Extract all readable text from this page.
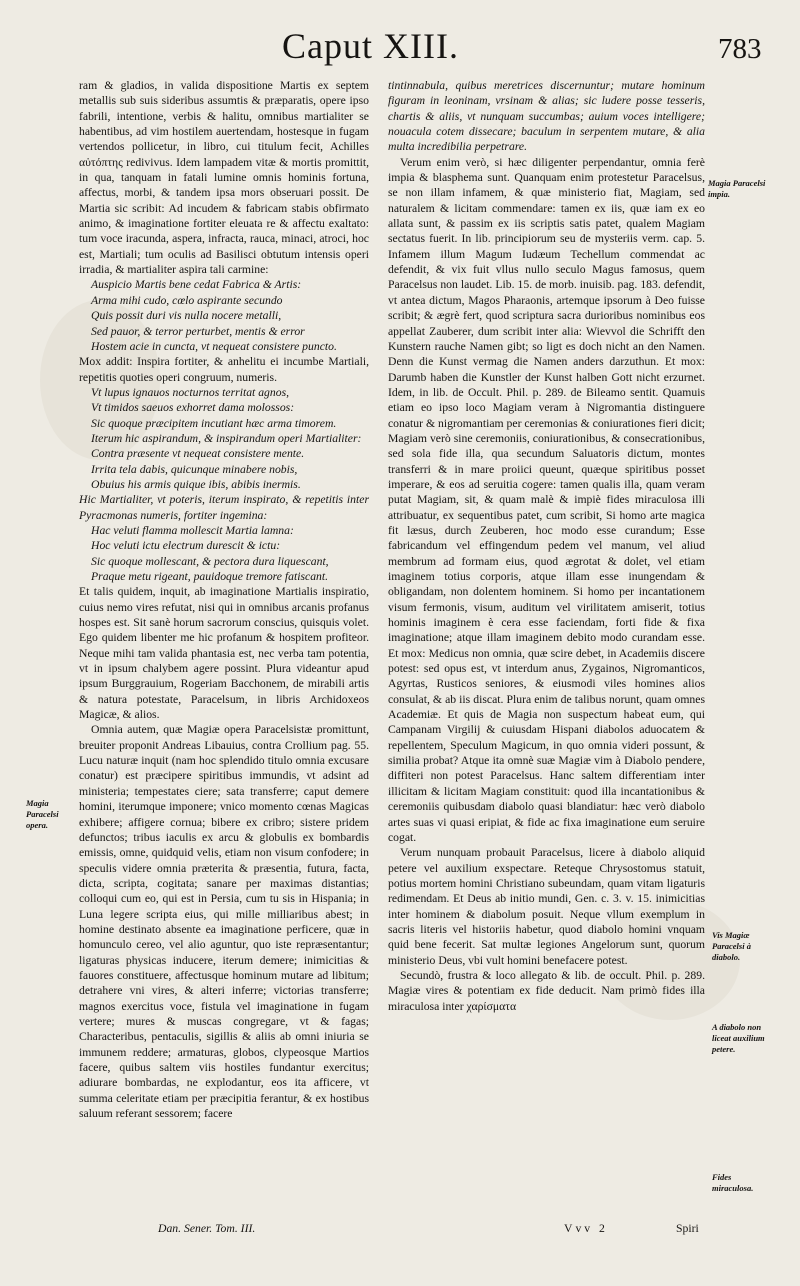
Caput XIII.	783

ram & gladios, in valida dispositione Martis ex septem metallis sub suis sideribus assumtis & præparatis, opere ipso fabrili, intentione, verbis & halitu, omnibus martialiter se habentibus, ad vim hostilem auertendam, hostesque in fugam vertendos pollicetur, in libro, cui titulum fecit, Achilles αὐτόπτης redivivus. Idem lampadem vitæ & mortis promittit, in qua, tanquam in fatali lumine omnis hominis fortuna, affectus, morbi, & tandem ipsa mors obseruari possit. De Martia sic scribit: Ad incudem & fabricam stabis obfirmato animo, & imaginatione fortiter eleuata re & affectu exaltato: tum voce iracunda, aspera, infracta, rauca, minaci, atroci, hoc est, Martiali; tum oculis ad Basilisci obtutum intensis operi irradia, & martialiter aspira tali carmine:

Auspicio Martis bene cedat Fabrica & Artis:

Arma mihi cudo, cœlo aspirante secundo

Quis possit duri vis nulla nocere metalli,

Sed pauor, & terror perturbet, mentis & error

Hostem acie in cuncta, vt nequeat consistere puncto.

Mox addit: Inspira fortiter, & anhelitu ei incumbe Martiali, repetitis quoties operi congruum, numeris.

Vt lupus ignauos nocturnos territat agnos,

Vt timidos saeuos exhorret dama molossos:

Sic quoque præcipitem incutiant hæc arma timorem.

Iterum hic aspirandum, & inspirandum operi Martialiter:

Contra præsente vt nequeat consistere mente.

Irrita tela dabis, quicunque minabere nobis,

Obuius his armis quique ibis, abibis inermis.

Hic Martialiter, vt poteris, iterum inspirato, & repetitis inter Pyracmonas numeris, fortiter ingemina:

Hac veluti flamma mollescit Martia lamna:

Hoc veluti ictu electrum durescit & ictu:

Sic quoque mollescant, & pectora dura liquescant,

Praque metu rigeant, pauidoque tremore fatiscant.

Et talis quidem, inquit, ab imaginatione Martialis inspiratio, cuius nemo vires refutat, nisi qui in omnibus arcanis profanus hospes est. Sit sanè horum sacrorum conscius, quisquis volet. Ego quidem libenter me hic profanum & hospitem profiteor. Neque mihi tam valida phantasia est, nec verba tam potentia, vt in ipsum chalybem agere possint. Plura videantur apud ipsum Burggrauium, Rogeriam Bacchonem, de mirabili artis & natura potestate, Paracelsum, in libris Archidoxeos Magicæ, & alios.

Omnia autem, quæ Magiæ opera Paracelsistæ promittunt, breuiter proponit Andreas Libauius, contra Crollium pag. 55. Lucu naturæ inquit (nam hoc splendido titulo omnia excusare conatur) est præcipere spiritibus immundis, vt adsint ad ministeria; tempestates ciere; sata transferre; caput demere homini, iterumque imponere; vnico momento cœnas Magicas exhibere; affigere cornua; bibere ex cribro; sistere pridem defunctos; tribus iaculis ex arcu & globulis ex bombardis emissis, omne, quidquid velis, etiam non visum confodere; in speculis videre omnia præterita & præsentia, futura, facta, dicta, scripta, cogitata; sanare per maximas distantias; colloqui cum eo, qui est in Persia, cum tu sis in Hispania; in Luna legere scripta eius, qui mille milliaribus abest; in homine destinato absente ea imaginatione perficere, quæ in homunculo cereo, vel alio aguntur, quo iste repræsentantur; ligaturas physicas inducere, iterum demere; inimicitias & fauores constituere, affectusque hominum mutare ad libitum; detrahere vni vires, & alteri inferre; victorias transferre; magnos exercitus voce, fistula vel imaginatione in fugam vertere; mures & muscas congregare, vt & fagas; Characteribus, pentaculis, sigillis & aliis ab omni iniuria se immunem reddere; armaturas, globos, clypeosque Martios facere, quibus saltem viis hostiles fundantur exercitus; adiurare bombardas, ne explodantur, eos ita afficere, vt summa celeritate etiam per præcipitia ferantur, & ex hostibus saluum referant sessorem; facere

Magia Paracelsi opera.

tintinnabula, quibus meretrices discernuntur; mutare hominum figuram in leoninam, vrsinam & alias; sic ludere posse tesseris, chartis & aliis, vt nunquam succumbas; auium voces intelligere; nouacula cotem dissecare; baculum in serpentem mutare, & alia multa incredibilia perpetrare.

Verum enim verò, si hæc diligenter perpendantur, omnia ferè impia & blasphema sunt. Quanquam enim protestetur Paracelsus, se non illam infamem, & quæ ministerio fiat, Magiam, sed naturalem & licitam commendare: tamen ex iis, quæ iam ex eo allata sunt, & passim ex iis scriptis satis patet, qualem Magiam sectatus fuerit. In lib. principiorum seu de mysteriis verm. cap. 5. Infamem illum Magum Iudæum Techellum commendat ac defendit, & vix fuit vllus nullo seculo Magus famosus, quem Paracelsus non laudet. Lib. 15. de morb. inuisib. pag. 183. defendit, vt antea dictum, Magos Pharaonis, artemque ipsorum à Deo fuisse scribit; & ægrè fert, quod scriptura sacra durioribus nominibus eos appellat Zauberer, dum scribit inter alia: Wievvol die Schrifft den Kunstern rauche Namen gibt; so ligt es doch nicht an den Namen. Denn die Kunst vermag die Namen anders darzuthun. Et mox: Darumb haben die Kunstler der Kunst halben Gott nicht erzurnet. Idem, in lib. de Occult. Phil. p. 289. de Bileamo sentit. Quamuis etiam eo ipso loco Magiam veram à Nigromantia distinguere conatur & nigromantiam per ceremonias & coniurationes fieri dicit; Magiam verò sine ceremoniis, coniurationibus, & consecrationibus, sed sola fide illa, qua secundum Saluatoris dictum, montes transferri & in mare proiici queunt, quæque spiritibus posset imperare, & eos ad seruitia cogere: tamen qualis illa, quam veram putat Magiam, sit, & quam malè & impiè fides miraculosa illi attribuatur, ex sequentibus patet, cum scribit, Si homo arte magica fit læsus, durch Zeuberen, hoc modo esse curandum; Esse fabricandum vel effingendum pedem vel manum, vel aliud membrum ad formam eius, quod ægrotat & dolet, vel etiam imaginem totius corporis, atque illam esse inungendam & obligandam, non dolentem hominem. Si homo per incantationem visum fermonis, visum, auditum vel virilitatem amiserit, totius hominis imaginem è cera esse faciendam, forti fide & fixa imaginatione; atque illam imaginem debito modo curandam esse. Et mox: Medicus non omnia, quæ scire debet, in Academiis discere potest: sed opus est, vt interdum anus, Zygainos, Nigromanticos, Agyrtas, Rusticos seniores, & eiusmodi viles homines alios consulat, & ab iis discat. Plura enim de talibus norunt, quam omnes Academiæ. Et quis de Magia non suspectum habeat eum, qui Campanam Virgilij & cuiusdam Hispani diabolos aduocatem & repellentem, Speculum Magicum, in quo omnia videri possunt, & similia probat? Atque ita omnè suæ Magiæ vim à Diabolo pendere, diffiteri non potest Paracelsus. Hanc saltem differentiam inter illicitam & licitam Magiam constituit: quod illa incantationibus & ceremoniis quibusdam diabolo quasi blandiatur: hæc verò diabolo artes suas vi quasi eripiat, & fide ac fixa imaginatione eum seruire cogat.

Verum nunquam probauit Paracelsus, licere à diabolo aliquid petere vel auxilium exspectare. Reteque Chrysostomus statuit, potius mortem homini Christiano subeundam, quam vitam ligaturis redimendam. Et Deus ab initio mundi, Gen. c. 3. v. 15. inimicitias inter hominem & diabolum posuit. Neque vllum exemplum in sacris literis vel historiis habetur, quod diabolo homini vnquam quid bene fecerit. Sat multæ legiones Angelorum sunt, quorum ministerio Deus, vbi vult homini benefacere potest.

Secundò, frustra & loco allegato & lib. de occult. Phil. p. 289. Magiæ vires & potentiam ex fide deducit. Nam primò fides illa miraculosa inter χαρίσματα

Magia Paracelsi impia.
Vis Magiæ Paracelsi à diabolo.
A diabolo non liceat auxilium petere.
Fides miraculosa.
Dan. Sener. Tom. III.	Vvv 2	Spiri
